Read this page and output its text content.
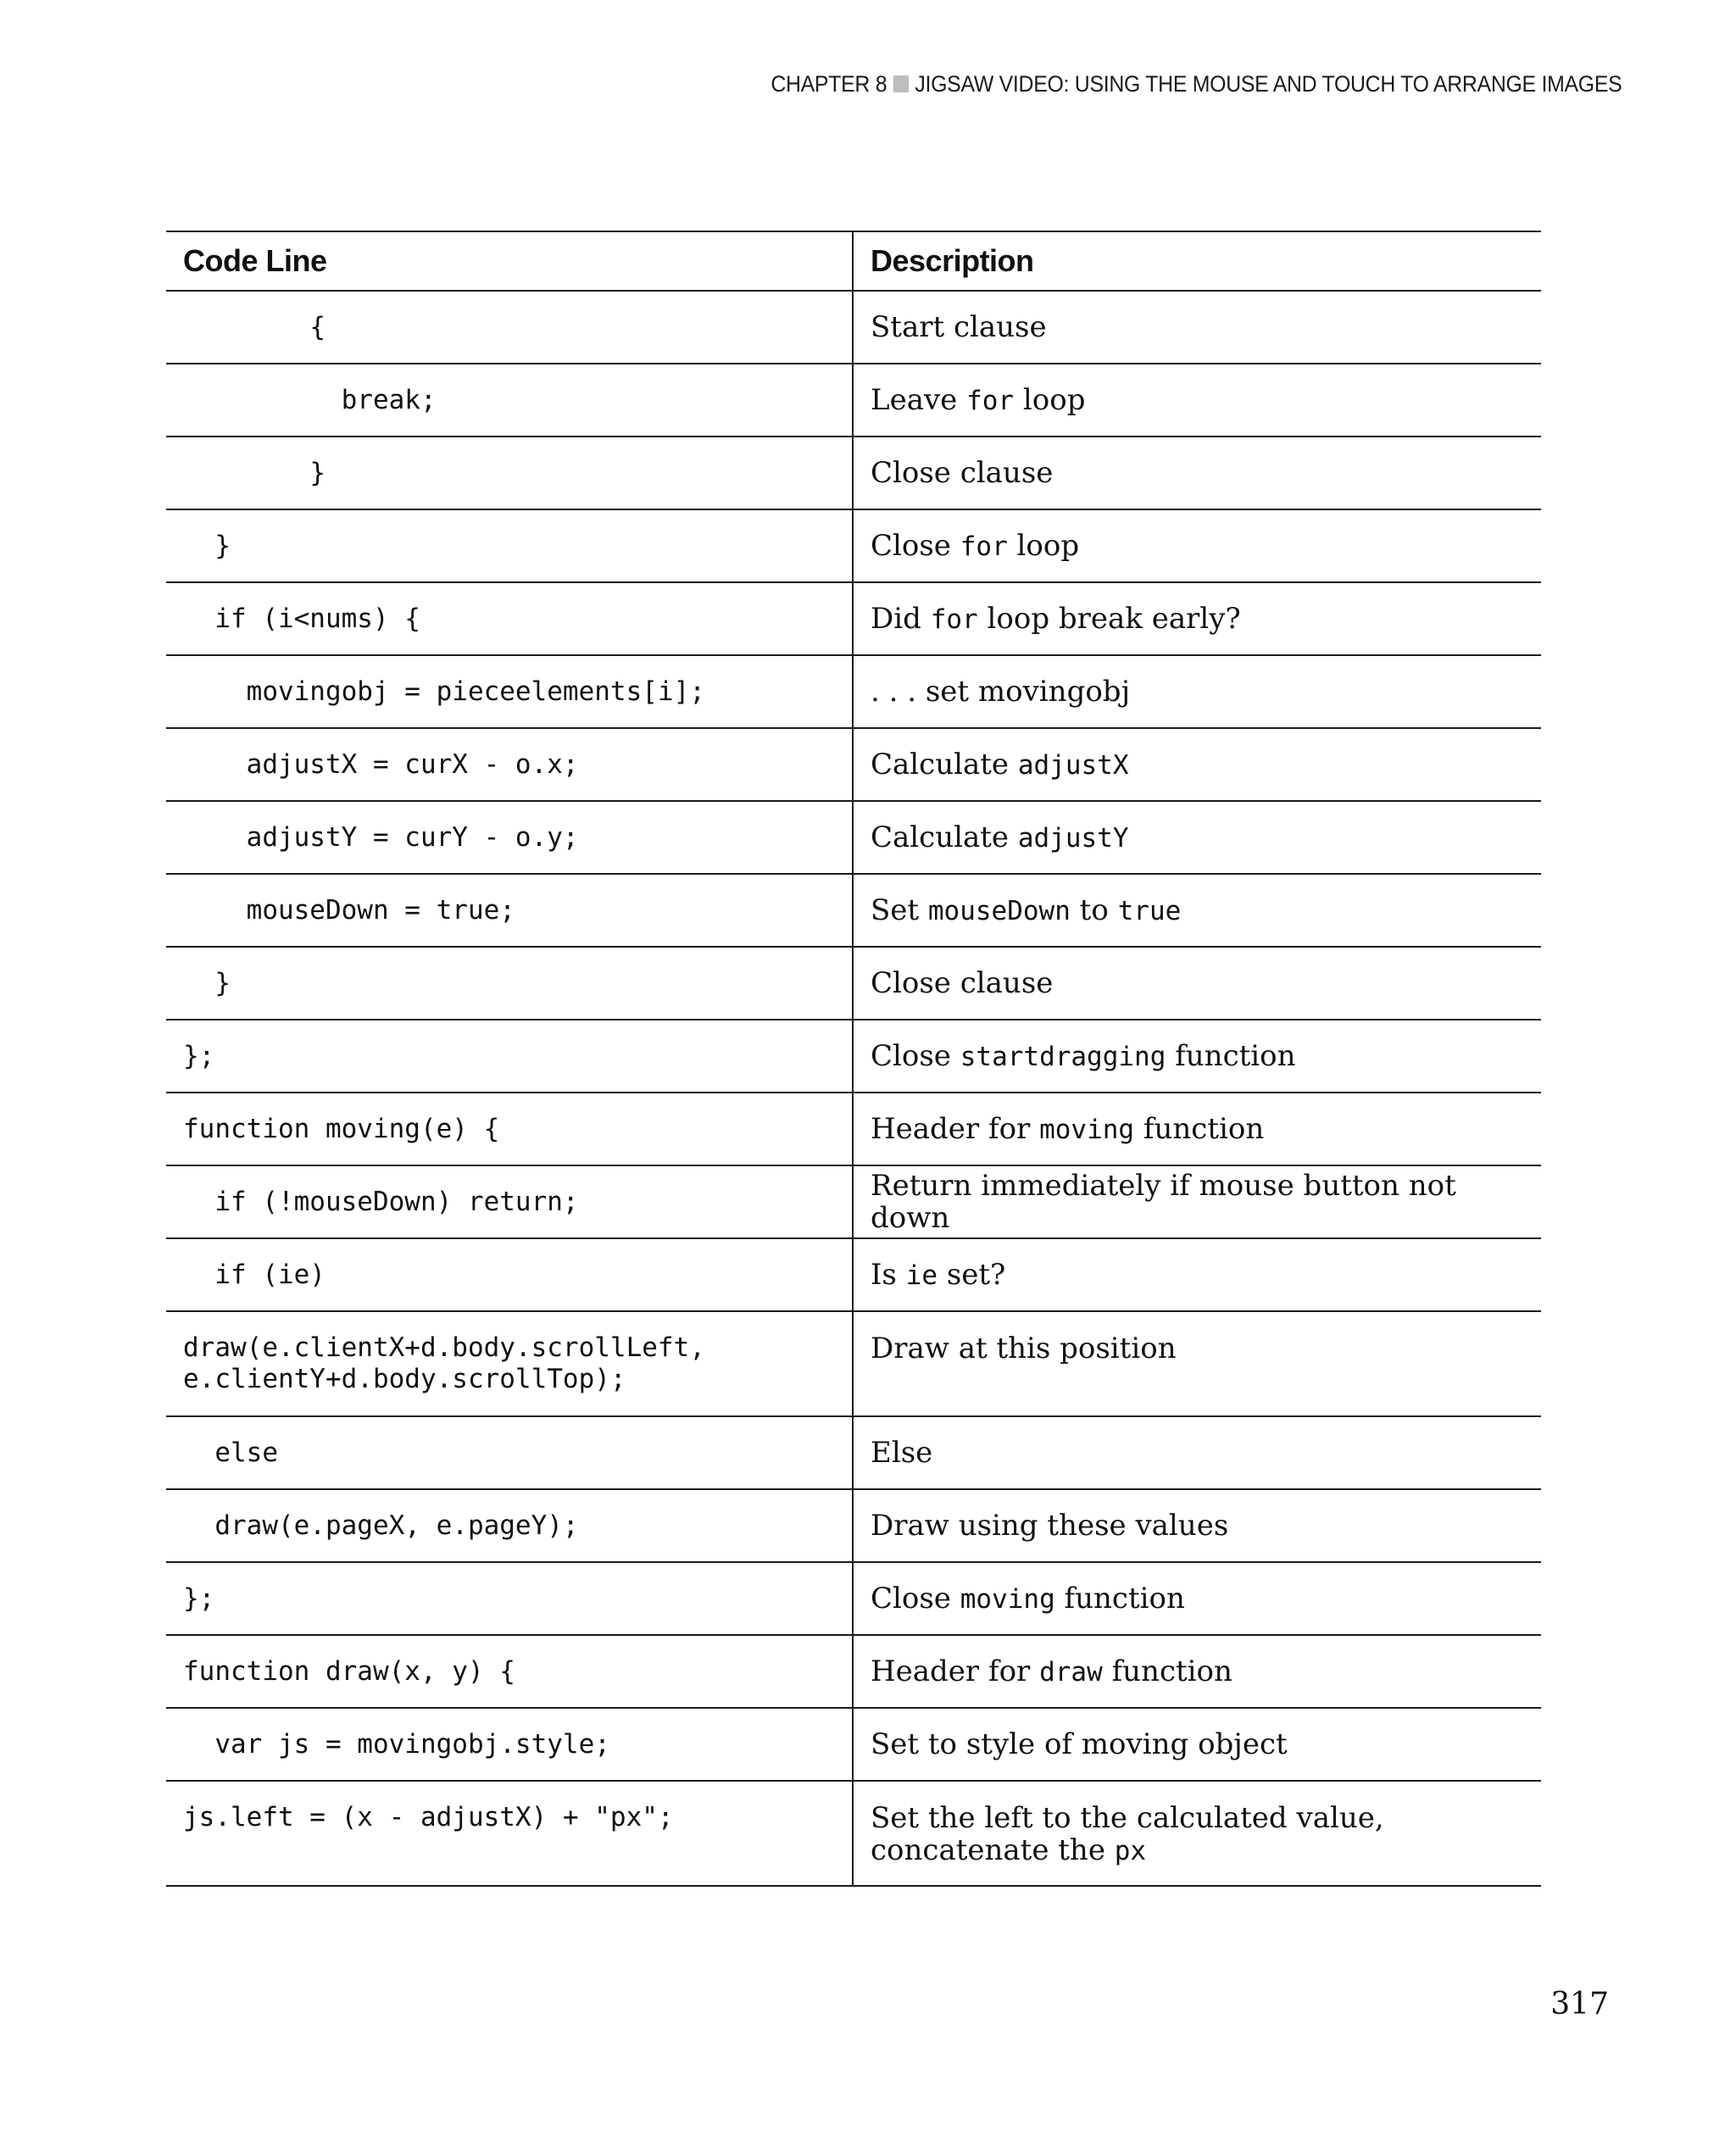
CHAPTER 8 JIGSAW VIDEO: USING THE MOUSE AND TOUCH TO ARRANGE IMAGES
Code Line	Description
{	Start clause
break;	Leave for loop
}	Close clause
}	Close for loop
if (i<nums) {	Did for loop break early?
movingobj = pieceelements[i];	. . . set movingobj
adjustX = curX - o.x;	Calculate adjustX
adjustY = curY - o.y;	Calculate adjustY
mouseDown = true;	Set mouseDown to true
}	Close clause
};	Close startdragging function
function moving(e) {	Header for moving function
if (!mouseDown) return;	Return immediately if mouse button not down
if (ie)	Is ie set?
draw(e.clientX+d.body.scrollLeft,
e.clientY+d.body.scrollTop);	Draw at this position
else	Else
draw(e.pageX, e.pageY);	Draw using these values
};	Close moving function
function draw(x, y) {	Header for draw function
var js = movingobj.style;	Set to style of moving object
js.left = (x - adjustX) + "px";	Set the left to the calculated value, concatenate the px
317
